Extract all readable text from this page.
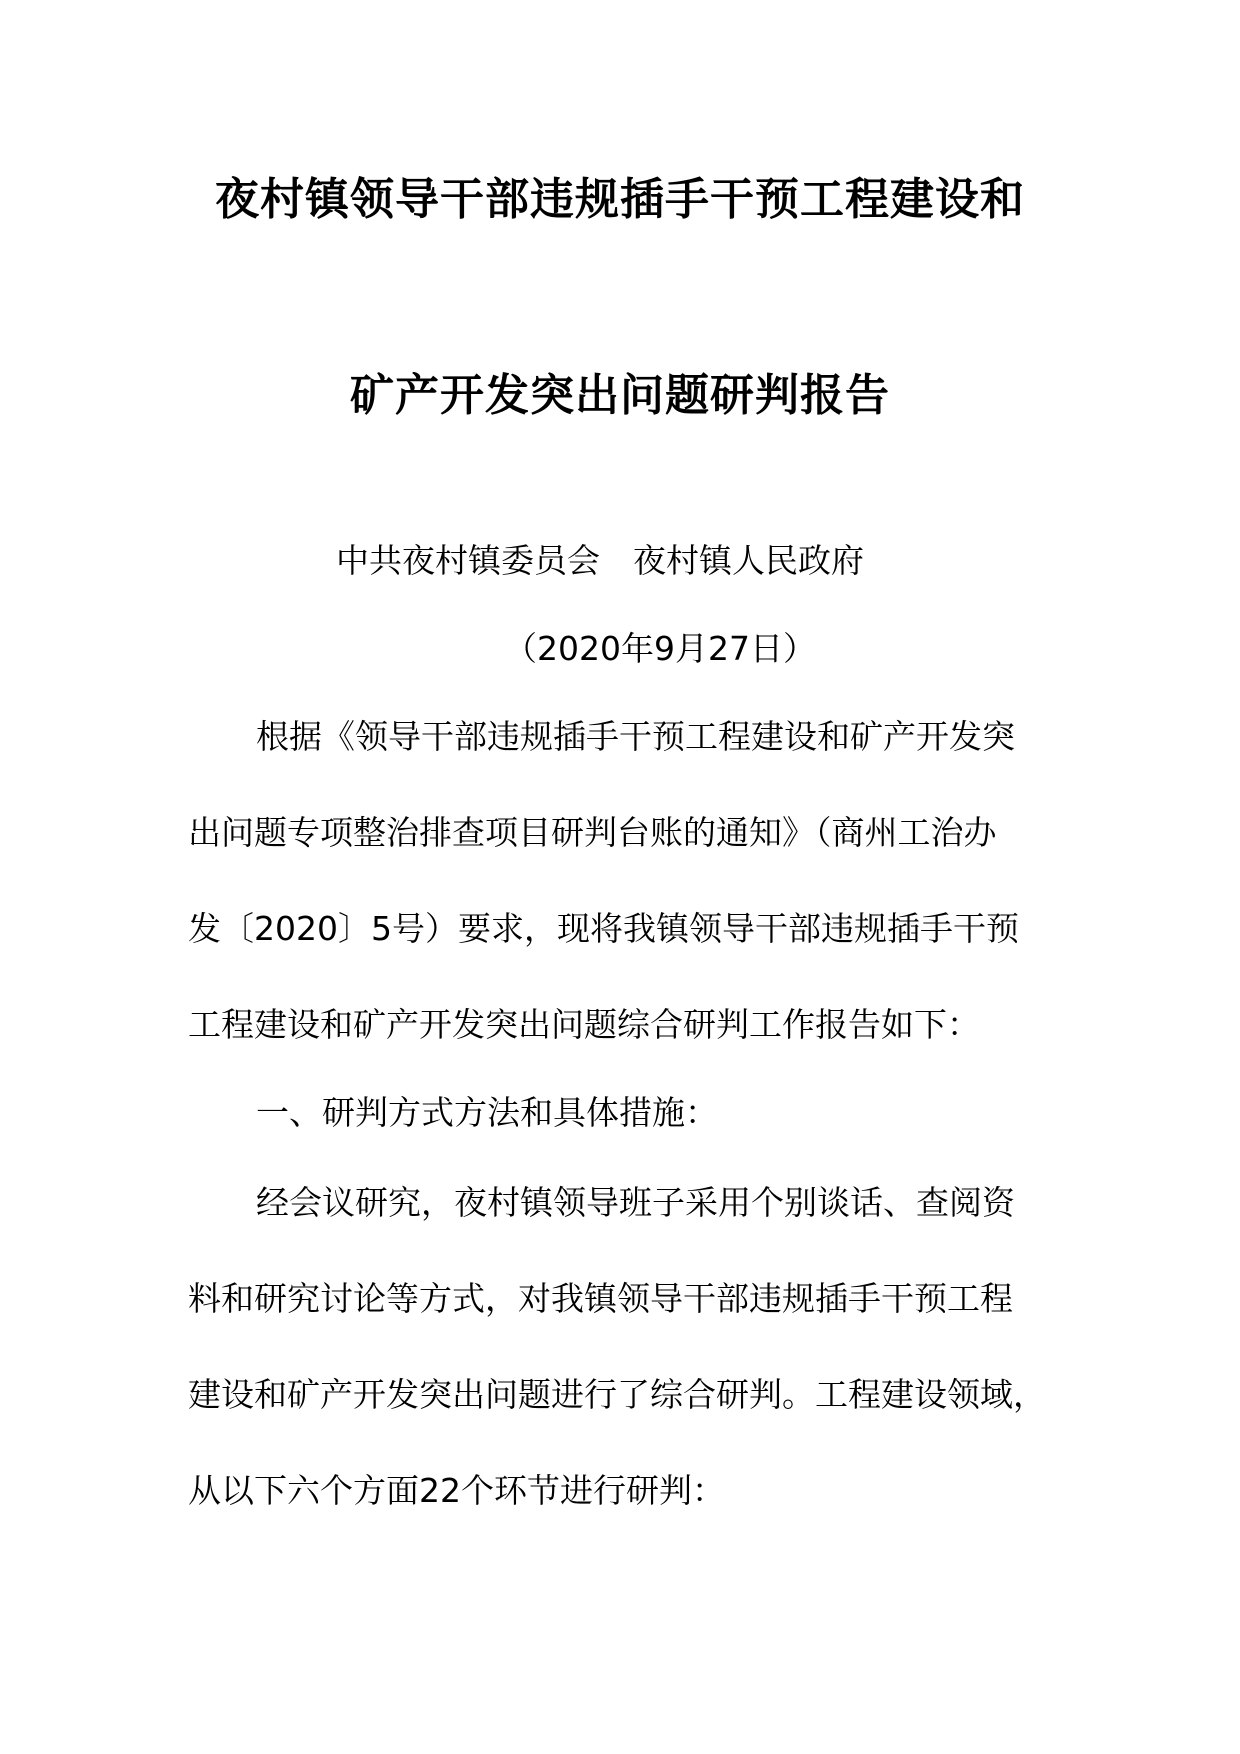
夜村镇领导干部违规插手干预工程建设和
矿产开发突出问题研判报告
中共夜村镇委员会　夜村镇人民政府
（2020年9月27日）
根据《领导干部违规插手干预工程建设和矿产开发突
出问题专项整治排查项目研判台账的通知》（商州工治办
发〔2020〕5号）要求，现将我镇领导干部违规插手干预
工程建设和矿产开发突出问题综合研判工作报告如下：
一、研判方式方法和具体措施：
经会议研究，夜村镇领导班子采用个别谈话、查阅资
料和研究讨论等方式，对我镇领导干部违规插手干预工程
建设和矿产开发突出问题进行了综合研判。工程建设领域，
从以下六个方面22个环节进行研判：
